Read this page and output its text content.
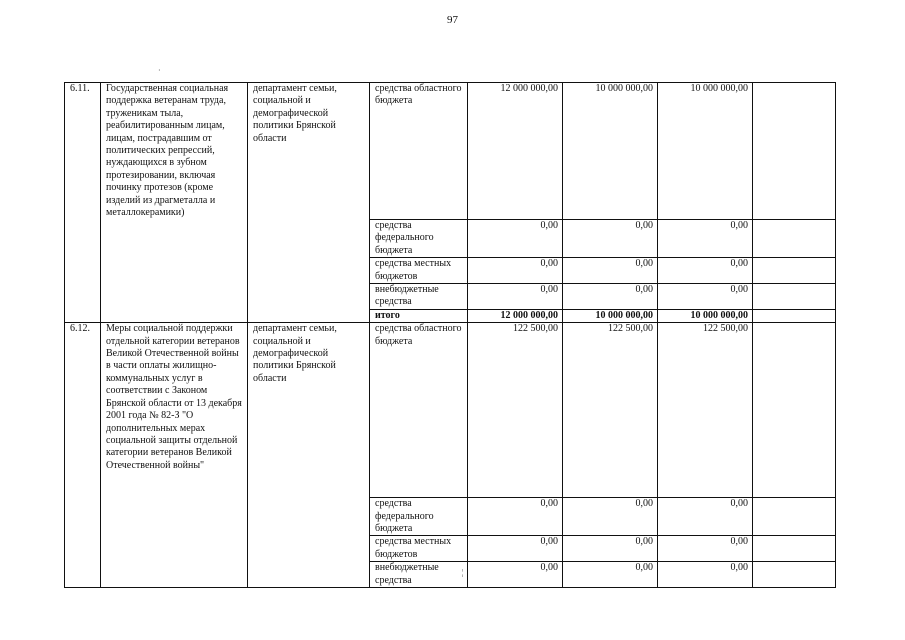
97
·
¦
6.11.	Государственная социальная поддержка ветеранам труда, труженикам тыла, реабилитированным лицам, лицам, пострадавшим от политических репрессий, нуждающихся в зубном протезировании, включая починку протезов (кроме изделий из драгметалла и металлокерамики)	департамент семьи, социальной и демографической политики Брянской области	средства областного бюджета	12 000 000,00	10 000 000,00	10 000 000,00	
			средства федерального бюджета	0,00	0,00	0,00	
			средства местных бюджетов	0,00	0,00	0,00	
			внебюджетные средства	0,00	0,00	0,00	
			итого	12 000 000,00	10 000 000,00	10 000 000,00	
6.12.	Меры социальной поддержки отдельной категории ветеранов Великой Отечественной войны в части оплаты жилищно-коммунальных услуг в соответствии с Законом Брянской области от 13 декабря 2001 года № 82-З "О дополнительных мерах социальной защиты отдельной категории ветеранов Великой Отечественной войны"	департамент семьи, социальной и демографической политики Брянской области	средства областного бюджета	122 500,00	122 500,00	122 500,00	
			средства федерального бюджета	0,00	0,00	0,00	
			средства местных бюджетов	0,00	0,00	0,00	
			внебюджетные средства	0,00	0,00	0,00	
